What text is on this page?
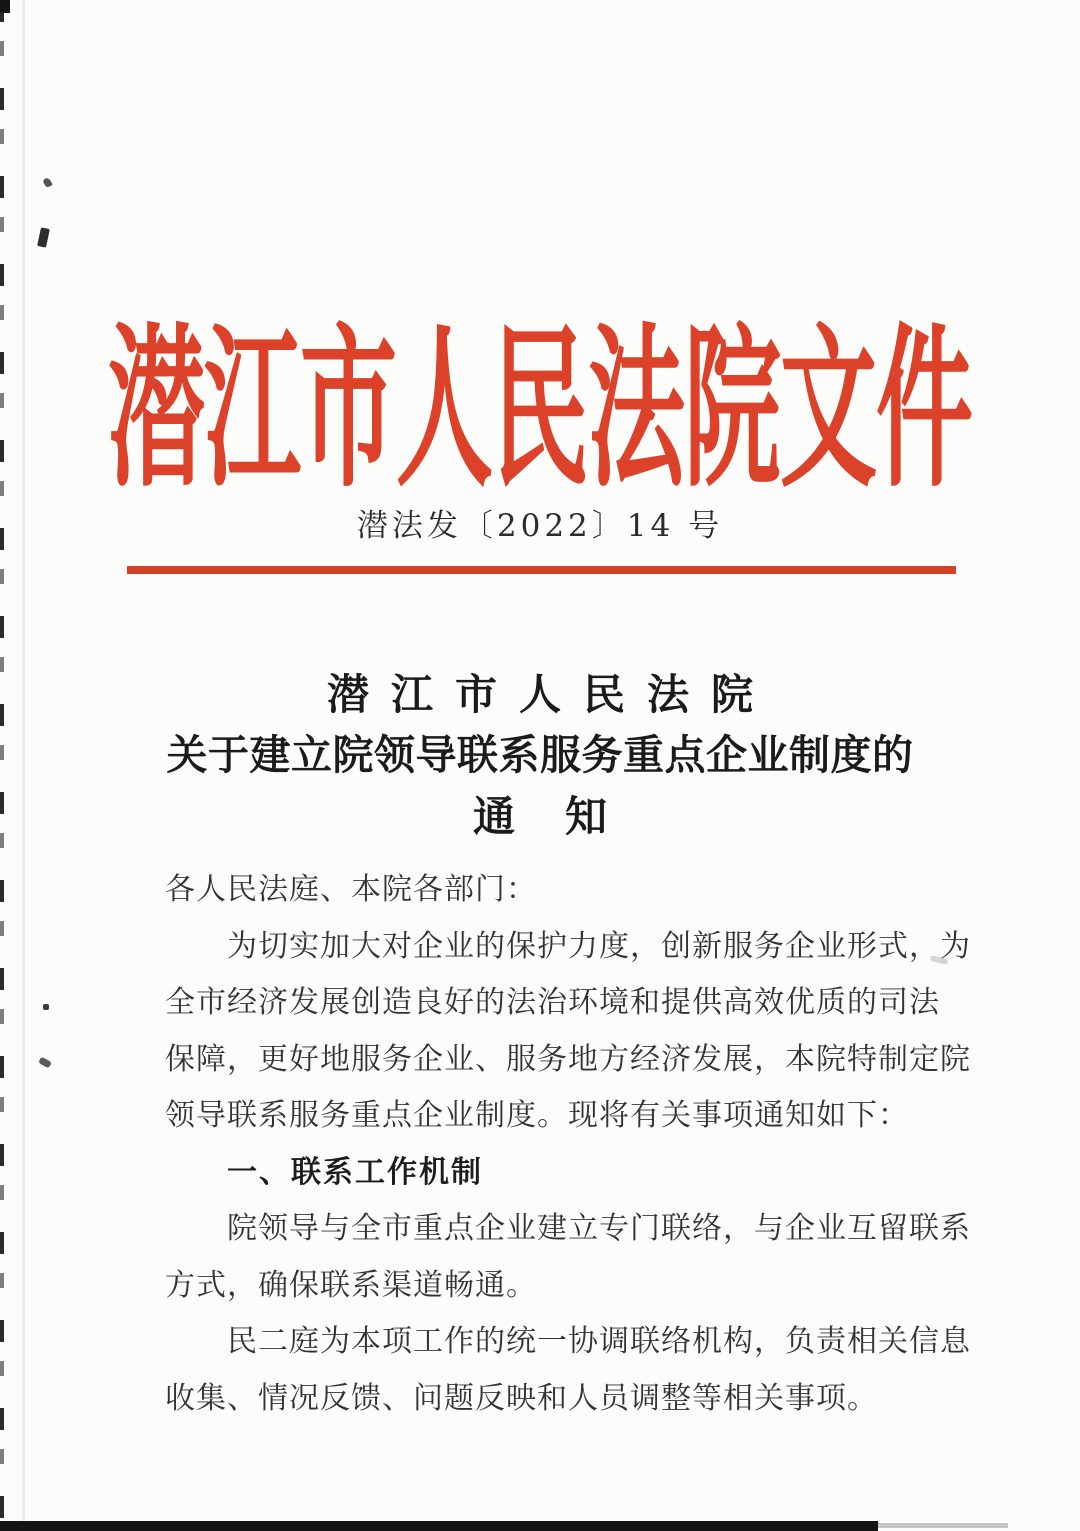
潜江市人民法院文件
潜法发〔2022〕14 号
潜江市人民法院
关于建立院领导联系服务重点企业制度的
通知
各人民法庭、本院各部门：
为切实加大对企业的保护力度，创新服务企业形式，为
全市经济发展创造良好的法治环境和提供高效优质的司法
保障，更好地服务企业、服务地方经济发展，本院特制定院
领导联系服务重点企业制度。现将有关事项通知如下：
一、联系工作机制
院领导与全市重点企业建立专门联络，与企业互留联系
方式，确保联系渠道畅通。
民二庭为本项工作的统一协调联络机构，负责相关信息
收集、情况反馈、问题反映和人员调整等相关事项。
